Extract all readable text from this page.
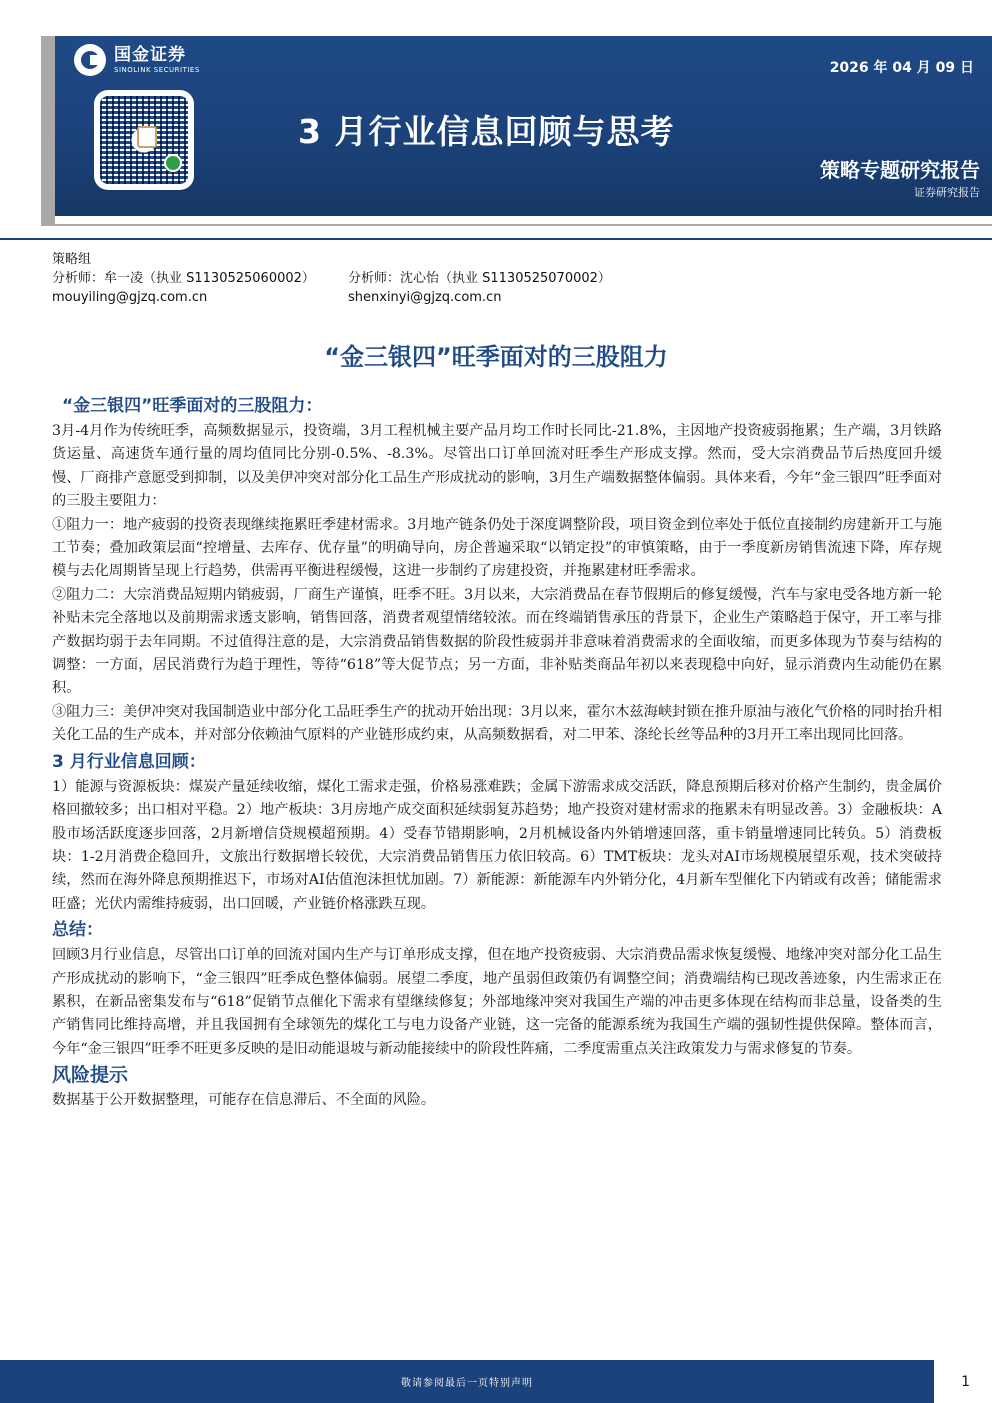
国金证券
SINOLINK SECURITIES	2026 年 04 月 09 日
3 月行业信息回顾与思考
策略专题研究报告
证券研究报告
策略组
分析师：牟一凌（执业 S1130525060002）	分析师：沈心怡（执业 S1130525070002）
mouyiling@gjzq.com.cn	shenxinyi@gjzq.com.cn
“金三银四”旺季面对的三股阻力
“金三银四”旺季面对的三股阻力：

3月-4月作为传统旺季，高频数据显示，投资端，3月工程机械主要产品月均工作时长同比-21.8%，主因地产投资疲弱拖累；生产端，3月铁路货运量、高速货车通行量的周均值同比分别-0.5%、-8.3%。尽管出口订单回流对旺季生产形成支撑。然而，受大宗消费品节后热度回升缓慢、厂商排产意愿受到抑制，以及美伊冲突对部分化工品生产形成扰动的影响，3月生产端数据整体偏弱。具体来看，今年“金三银四”旺季面对的三股主要阻力：

①阻力一：地产疲弱的投资表现继续拖累旺季建材需求。3月地产链条仍处于深度调整阶段，项目资金到位率处于低位直接制约房建新开工与施工节奏；叠加政策层面“控增量、去库存、优存量”的明确导向，房企普遍采取“以销定投”的审慎策略，由于一季度新房销售流速下降，库存规模与去化周期皆呈现上行趋势，供需再平衡进程缓慢，这进一步制约了房建投资，并拖累建材旺季需求。

②阻力二：大宗消费品短期内销疲弱，厂商生产谨慎，旺季不旺。3月以来，大宗消费品在春节假期后的修复缓慢，汽车与家电受各地方新一轮补贴未完全落地以及前期需求透支影响，销售回落，消费者观望情绪较浓。而在终端销售承压的背景下，企业生产策略趋于保守，开工率与排产数据均弱于去年同期。不过值得注意的是，大宗消费品销售数据的阶段性疲弱并非意味着消费需求的全面收缩，而更多体现为节奏与结构的调整：一方面，居民消费行为趋于理性，等待“618”等大促节点；另一方面，非补贴类商品年初以来表现稳中向好，显示消费内生动能仍在累积。

③阻力三：美伊冲突对我国制造业中部分化工品旺季生产的扰动开始出现：3月以来，霍尔木兹海峡封锁在推升原油与液化气价格的同时抬升相关化工品的生产成本，并对部分依赖油气原料的产业链形成约束，从高频数据看，对二甲苯、涤纶长丝等品种的3月开工率出现同比回落。

3 月行业信息回顾：

1）能源与资源板块：煤炭产量延续收缩，煤化工需求走强，价格易涨难跌；金属下游需求成交活跃，降息预期后移对价格产生制约，贵金属价格回撤较多；出口相对平稳。2）地产板块：3月房地产成交面积延续弱复苏趋势；地产投资对建材需求的拖累未有明显改善。3）金融板块：A股市场活跃度逐步回落，2月新增信贷规模超预期。4）受春节错期影响，2月机械设备内外销增速回落，重卡销量增速同比转负。5）消费板块：1-2月消费企稳回升，文旅出行数据增长较优，大宗消费品销售压力依旧较高。6）TMT板块：龙头对AI市场规模展望乐观，技术突破持续，然而在海外降息预期推迟下，市场对AI估值泡沫担忧加剧。7）新能源：新能源车内外销分化，4月新车型催化下内销或有改善；储能需求旺盛；光伏内需维持疲弱，出口回暖，产业链价格涨跌互现。

总结：

回顾3月行业信息，尽管出口订单的回流对国内生产与订单形成支撑，但在地产投资疲弱、大宗消费品需求恢复缓慢、地缘冲突对部分化工品生产形成扰动的影响下，“金三银四”旺季成色整体偏弱。展望二季度，地产虽弱但政策仍有调整空间；消费端结构已现改善迹象，内生需求正在累积，在新品密集发布与“618”促销节点催化下需求有望继续修复；外部地缘冲突对我国生产端的冲击更多体现在结构而非总量，设备类的生产销售同比维持高增，并且我国拥有全球领先的煤化工与电力设备产业链，这一完备的能源系统为我国生产端的强韧性提供保障。整体而言，今年“金三银四”旺季不旺更多反映的是旧动能退坡与新动能接续中的阶段性阵痛，二季度需重点关注政策发力与需求修复的节奏。

风险提示

数据基于公开数据整理，可能存在信息滞后、不全面的风险。

敬请参阅最后一页特别声明	1
